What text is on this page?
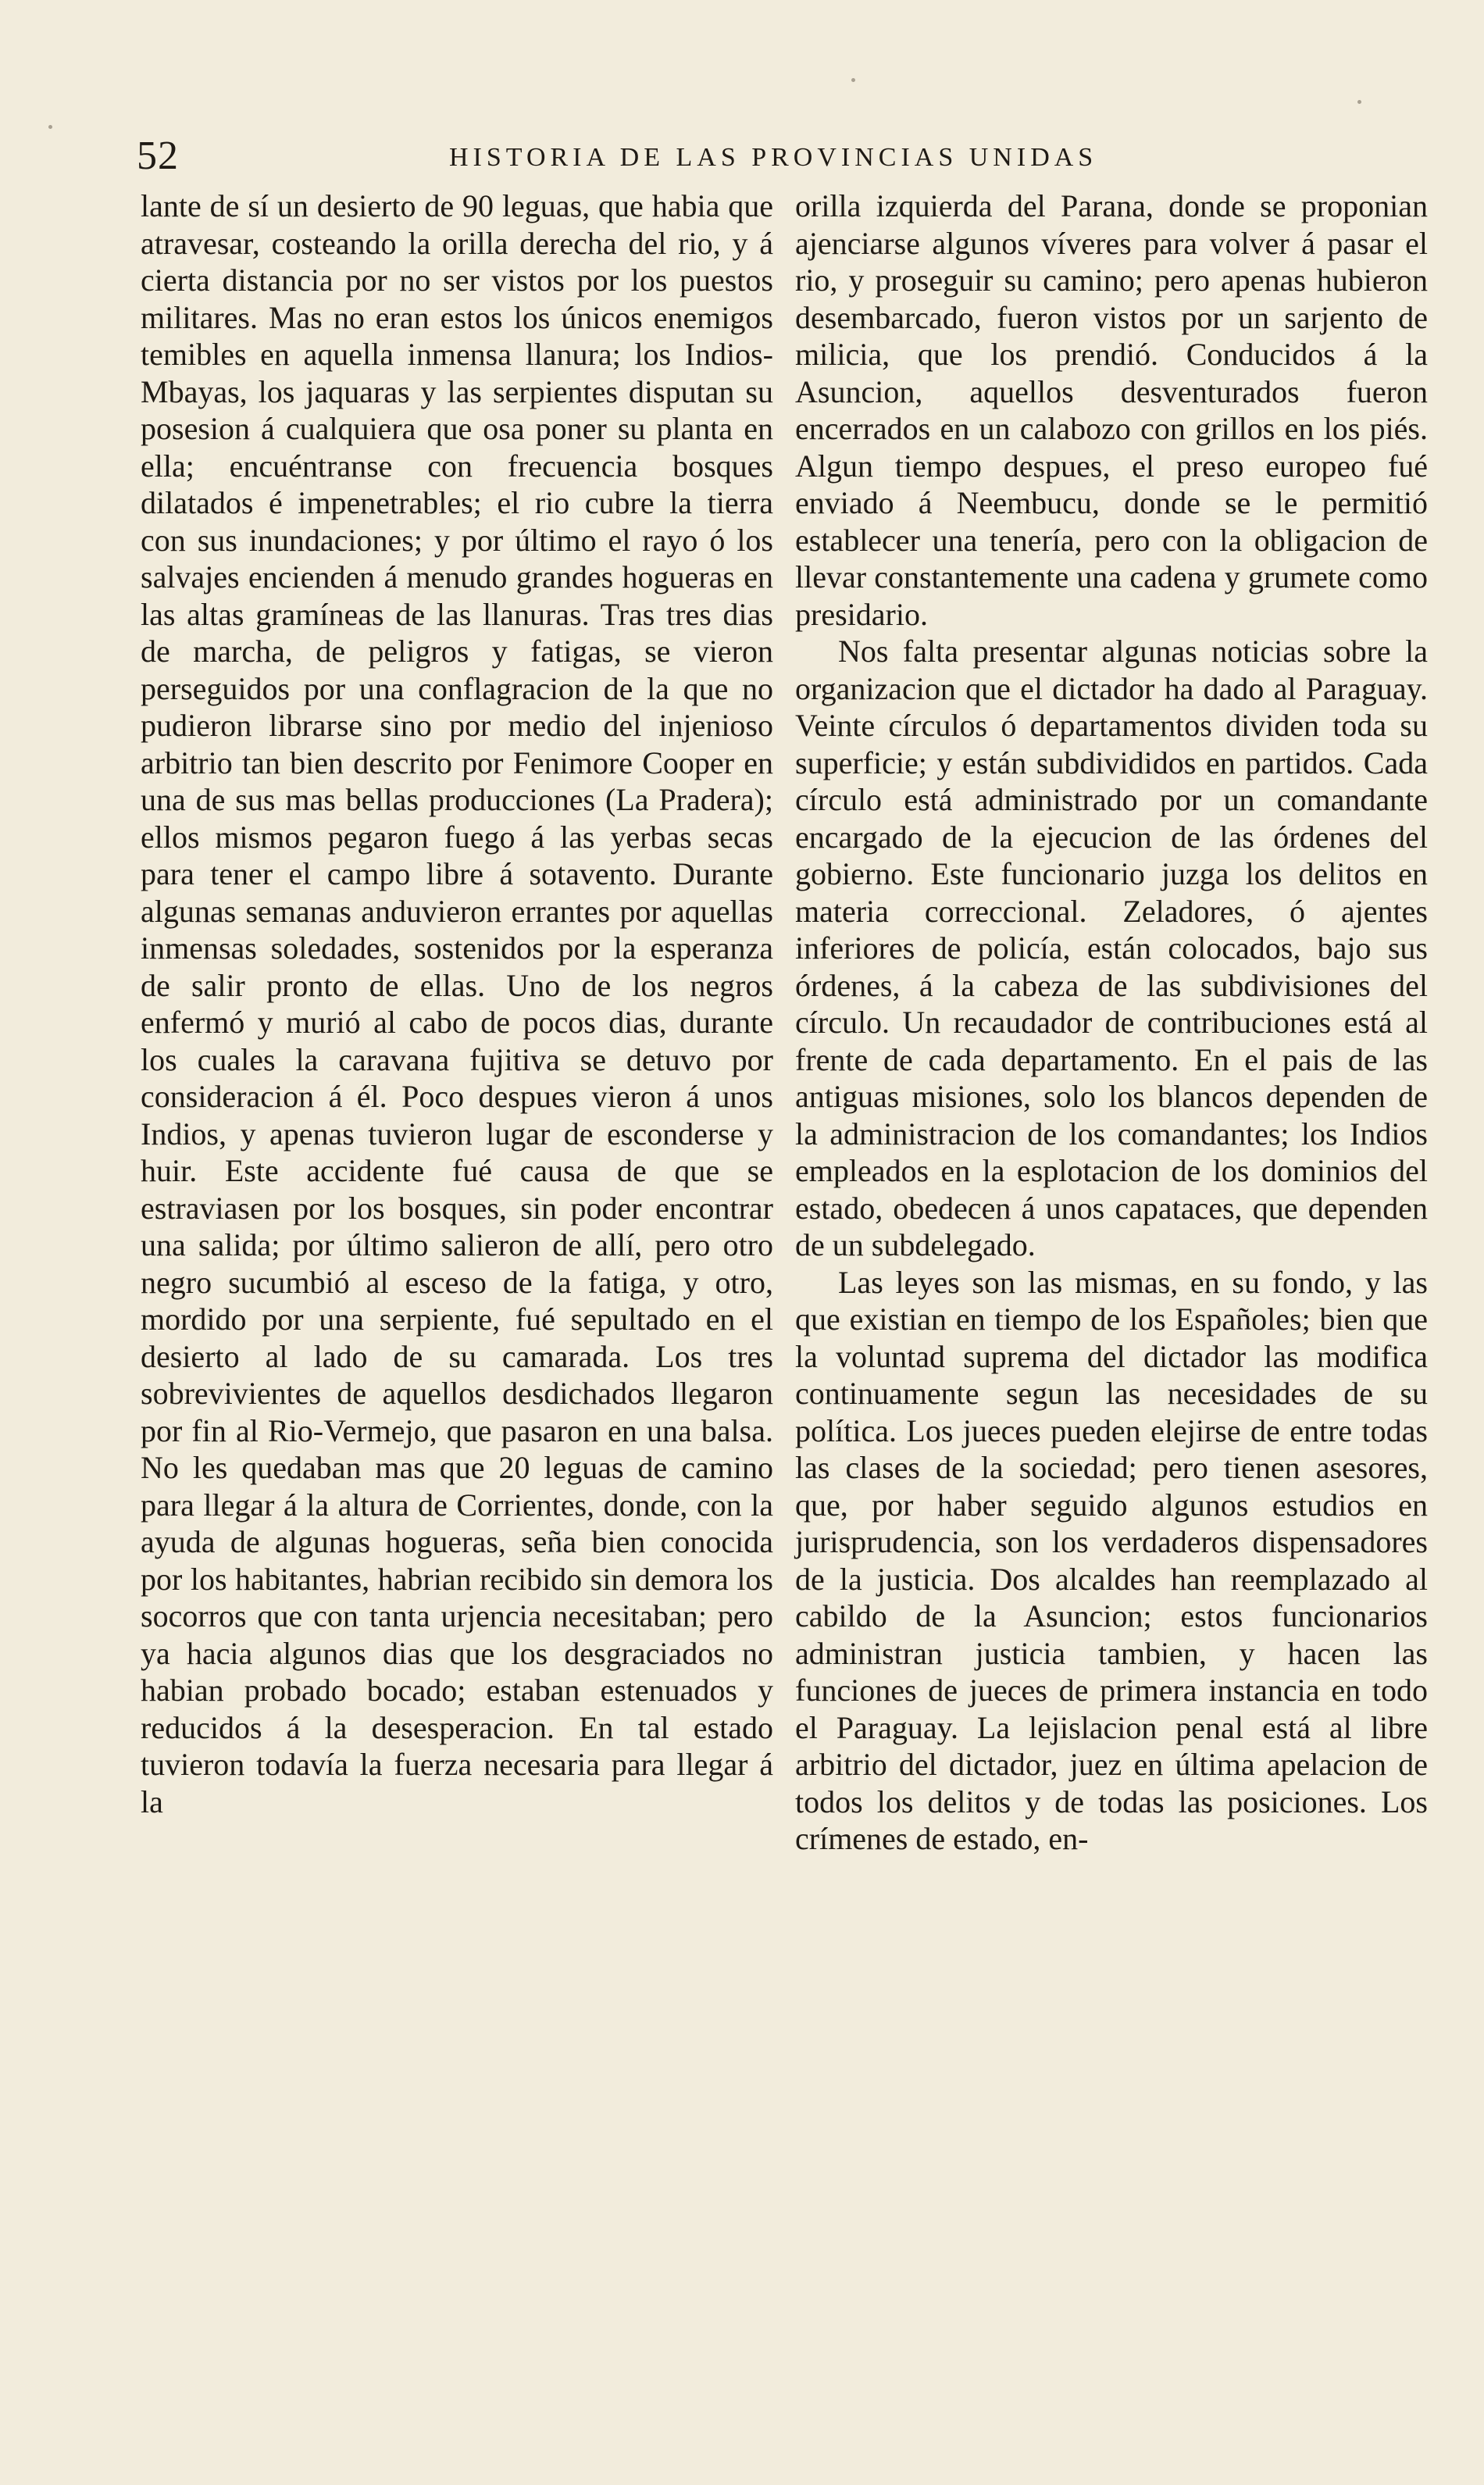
52	HISTORIA DE LAS PROVINCIAS UNIDAS

lante de sí un desierto de 90 leguas, que habia que atravesar, costeando la orilla derecha del rio, y á cierta distancia por no ser vistos por los puestos militares. Mas no eran estos los únicos enemigos temibles en aquella inmensa llanura; los Indios-Mbayas, los jaquaras y las serpientes disputan su posesion á cualquiera que osa poner su planta en ella; encuéntranse con frecuencia bosques dilatados é impenetrables; el rio cubre la tierra con sus inundaciones; y por último el rayo ó los salvajes encienden á menudo grandes hogueras en las altas gramíneas de las llanuras. Tras tres dias de marcha, de peligros y fatigas, se vieron perseguidos por una conflagracion de la que no pudieron librarse sino por medio del injenioso arbitrio tan bien descrito por Fenimore Cooper en una de sus mas bellas producciones (La Pradera); ellos mismos pegaron fuego á las yerbas secas para tener el campo libre á sotavento. Durante algunas semanas anduvieron errantes por aquellas inmensas soledades, sostenidos por la esperanza de salir pronto de ellas. Uno de los negros enfermó y murió al cabo de pocos dias, durante los cuales la caravana fujitiva se detuvo por consideracion á él. Poco despues vieron á unos Indios, y apenas tuvieron lugar de esconderse y huir. Este accidente fué causa de que se estraviasen por los bosques, sin poder encontrar una salida; por último salieron de allí, pero otro negro sucumbió al esceso de la fatiga, y otro, mordido por una serpiente, fué sepultado en el desierto al lado de su camarada. Los tres sobrevivientes de aquellos desdichados llegaron por fin al Rio-Vermejo, que pasaron en una balsa. No les quedaban mas que 20 leguas de camino para llegar á la altura de Corrientes, donde, con la ayuda de algunas hogueras, seña bien conocida por los habitantes, habrian recibido sin demora los socorros que con tanta urjencia necesitaban; pero ya hacia algunos dias que los desgraciados no habian probado bocado; estaban estenuados y reducidos á la desesperacion. En tal estado tuvieron todavía la fuerza necesaria para llegar á la

orilla izquierda del Parana, donde se proponian ajenciarse algunos víveres para volver á pasar el rio, y proseguir su camino; pero apenas hubieron desembarcado, fueron vistos por un sarjento de milicia, que los prendió. Conducidos á la Asuncion, aquellos desventurados fueron encerrados en un calabozo con grillos en los piés. Algun tiempo despues, el preso europeo fué enviado á Neembucu, donde se le permitió establecer una tenería, pero con la obligacion de llevar constantemente una cadena y grumete como presidario.

Nos falta presentar algunas noticias sobre la organizacion que el dictador ha dado al Paraguay. Veinte círculos ó departamentos dividen toda su superficie; y están subdivididos en partidos. Cada círculo está administrado por un comandante encargado de la ejecucion de las órdenes del gobierno. Este funcionario juzga los delitos en materia correccional. Zeladores, ó ajentes inferiores de policía, están colocados, bajo sus órdenes, á la cabeza de las subdivisiones del círculo. Un recaudador de contribuciones está al frente de cada departamento. En el pais de las antiguas misiones, solo los blancos dependen de la administracion de los comandantes; los Indios empleados en la esplotacion de los dominios del estado, obedecen á unos capataces, que dependen de un subdelegado.

Las leyes son las mismas, en su fondo, y las que existian en tiempo de los Españoles; bien que la voluntad suprema del dictador las modifica continuamente segun las necesidades de su política. Los jueces pueden elejirse de entre todas las clases de la sociedad; pero tienen asesores, que, por haber seguido algunos estudios en jurisprudencia, son los verdaderos dispensadores de la justicia. Dos alcaldes han reemplazado al cabildo de la Asuncion; estos funcionarios administran justicia tambien, y hacen las funciones de jueces de primera instancia en todo el Paraguay. La lejislacion penal está al libre arbitrio del dictador, juez en última apelacion de todos los delitos y de todas las posiciones. Los crímenes de estado, en-
